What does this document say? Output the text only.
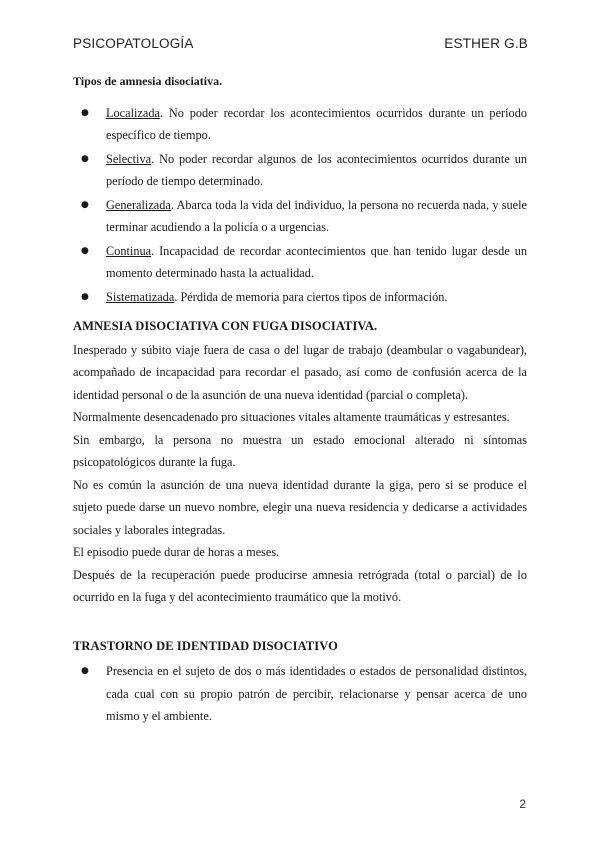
PSICOPATOLOGÍA	ESTHER G.B
Tipos de amnesia disociativa.
● Localizada. No poder recordar los acontecimientos ocurridos durante un período específico de tiempo.
● Selectiva. No poder recordar algunos de los acontecimientos ocurridos durante un período de tiempo determinado.
● Generalizada. Abarca toda la vida del individuo, la persona no recuerda nada, y suele terminar acudiendo a la policía o a urgencias.
● Continua. Incapacidad de recordar acontecimientos que han tenido lugar desde un momento determinado hasta la actualidad.
● Sistematizada. Pérdida de memoria para ciertos tipos de información.
AMNESIA DISOCIATIVA CON FUGA DISOCIATIVA.

Inesperado y súbito viaje fuera de casa o del lugar de trabajo (deambular o vagabundear), acompañado de incapacidad para recordar el pasado, así como de confusión acerca de la identidad personal o de la asunción de una nueva identidad (parcial o completa).

Normalmente desencadenado pro situaciones vitales altamente traumáticas y estresantes.

Sin embargo, la persona no muestra un estado emocional alterado ni síntomas psicopatológicos durante la fuga.

No es común la asunción de una nueva identidad durante la giga, pero si se produce el sujeto puede darse un nuevo nombre, elegir una nueva residencia y dedicarse a actividades sociales y laborales integradas.

El episodio puede durar de horas a meses.

Después de la recuperación puede producirse amnesia retrógrada (total o parcial) de lo ocurrido en la fuga y del acontecimiento traumático que la motivó.

TRASTORNO DE IDENTIDAD DISOCIATIVO
● Presencia en el sujeto de dos o más identidades o estados de personalidad distintos, cada cual con su propio patrón de percibir, relacionarse y pensar acerca de uno mismo y el ambiente.
2
